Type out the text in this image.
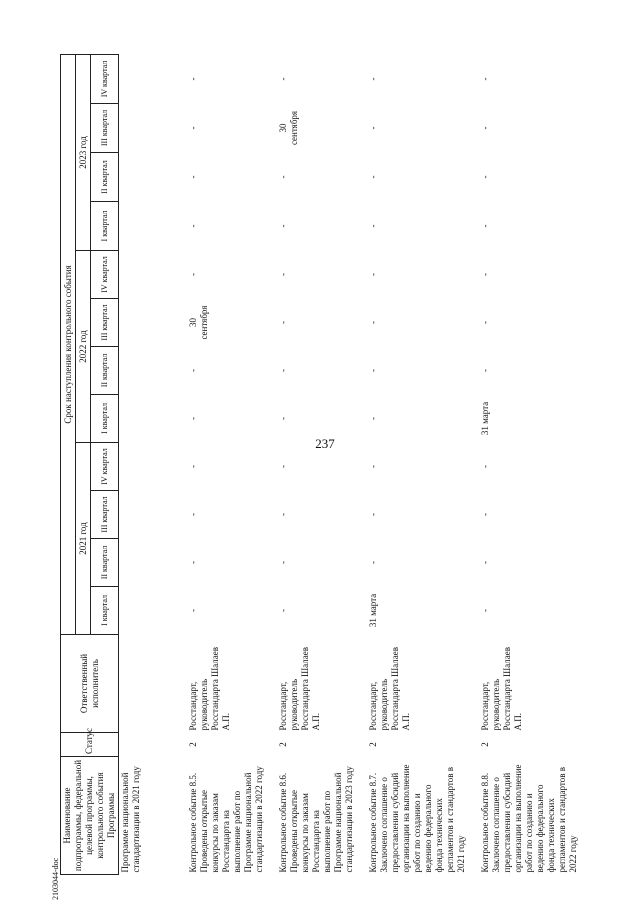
237
2103044-doc
Наименование подпрограммы, федеральной целевой программы, контрольного события Программы	Статус	Ответственный исполнитель	Срок наступления контрольного события											
			2021 год				2022 год				2023 год			
			I квартал	II квартал	III квартал	IV квартал	I квартал	II квартал	III квартал	IV квартал	I квартал	II квартал	III квартал	IV квартал
Программе национальной стандартизации в 2021 году														
Контрольное событие 8.5. Проведены открытые конкурсы по заказам Росстандарта на выполнение работ по Программе национальной стандартизации в 2022 году	2	Росстандарт, руководитель Росстандарта Шалаев А.П.	-	-	-	-	-	-	30 сентября	-	-	-	-	-
Контрольное событие 8.6. Проведены открытые конкурсы по заказам Росстандарта на выполнение работ по Программе национальной стандартизации в 2023 году	2	Росстандарт, руководитель Росстандарта Шалаев А.П.	-	-	-	-	-	-	-	-	-	-	30 сентября	-
Контрольное событие 8.7. Заключено соглашение о предоставлении субсидий организации на выполнение работ по созданию и ведению федерального фонда технических регламентов и стандартов в 2021 году	2	Росстандарт, руководитель Росстандарта Шалаев А.П.	31 марта	-	-	-	-	-	-	-	-	-	-	-
Контрольное событие 8.8. Заключено соглашение о предоставлении субсидий организации на выполнение работ по созданию и ведению федерального фонда технических регламентов и стандартов в 2022 году	2	Росстандарт, руководитель Росстандарта Шалаев А.П.	-	-	-	-	31 марта	-	-	-	-	-	-	-
